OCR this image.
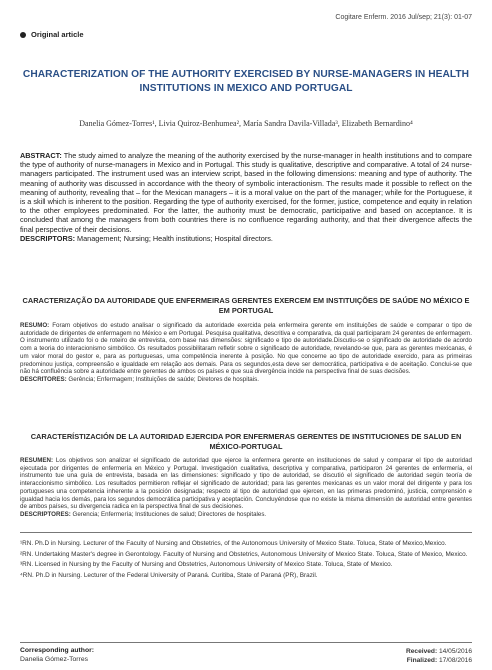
Cogitare Enferm. 2016 Jul/sep; 21(3): 01-07
Original article
CHARACTERIZATION OF THE AUTHORITY EXERCISED BY NURSE-MANAGERS IN HEALTH INSTITUTIONS IN MEXICO AND PORTUGAL
Danelia Gómez-Torres¹, Livia Quiroz-Benhumea², María Sandra Davila-Villada³, Elizabeth Bernardino⁴
ABSTRACT: The study aimed to analyze the meaning of the authority exercised by the nurse-manager in health institutions and to compare the type of authority of nurse-managers in Mexico and in Portugal. This study is qualitative, descriptive and comparative. A total of 24 nurse-managers participated. The instrument used was an interview script, based in the following dimensions: meaning and type of authority. The meaning of authority was discussed in accordance with the theory of symbolic interactionism. The results made it possible to reflect on the meaning of authority, revealing that – for the Mexican managers – it is a moral value on the part of the manager; while for the Portuguese, it is a skill which is inherent to the position. Regarding the type of authority exercised, for the former, justice, competence and equity in relation to the other employees predominated. For the latter, the authority must be democratic, participative and based on acceptance. It is concluded that among the managers from both countries there is no confluence regarding authority, and that their divergence affects the final perspective of their decisions.
DESCRIPTORS: Management; Nursing; Health institutions; Hospital directors.
CARACTERIZAÇÃO DA AUTORIDADE QUE ENFERMEIRAS GERENTES EXERCEM EM INSTITUIÇÕES DE SAÚDE NO MÉXICO E EM PORTUGAL
RESUMO: Foram objetivos do estudo analisar o significado da autoridade exercida pela enfermeira gerente em instituições de saúde e comparar o tipo de autoridade de dirigentes de enfermagem no México e em Portugal. Pesquisa qualitativa, descritiva e comparativa, da qual participaram 24 gerentes de enfermagem. O instrumento utilizado foi o de roteiro de entrevista, com base nas dimensões: significado e tipo de autoridade.Discutiu-se o significado de autoridade de acordo com a teoria do interacionismo simbólico. Os resultados possibilitaram refletir sobre o significado de autoridade, revelando-se que, para as gerentes mexicanas, é um valor moral do gestor e, para as portuguesas, uma competência inerente à posição. No que concerne ao tipo de autoridade exercido, para as primeiras predominou justiça, compreensão e igualdade em relação aos demais. Para os segundos,esta deve ser democrática, participativa e de aceitação. Conclui-se que não há confluência sobre a autoridade entre gerentes de ambos os países e que sua divergência incide na perspectiva final de suas decisões.
DESCRITORES: Gerência; Enfermagem; Instituições de saúde; Diretores de hospitais.
CARACTERÍSTIZACIÓN DE LA AUTORIDAD EJERCIDA POR ENFERMERAS GERENTES DE INSTITUCIONES DE SALUD EN MÉXICO-PORTUGAL
RESUMEN: Los objetivos son analizar el significado de autoridad que ejerce la enfermera gerente en instituciones de salud y comparar el tipo de autoridad ejecutada por dirigentes de enfermería en México y Portugal. Investigación cualitativa, descriptiva y comparativa, participaron 24 gerentes de enfermería, el instrumento tue una guía de entrevista, basada en las dimensiones: significado y tipo de autoridad, se discutió el significado de autoridad según teoría de interaccionismo simbólico. Los resultados permitieron reflejar el significado de autoridad; para las gerentes mexicanas es un valor moral del dirigente y para los portugueses una competencia inherente a la posición designada; respecto al tipo de autoridad que ejercen, en las primeras predominó, justicia, comprensión e igualdad hacia los demás, para los segundos democrática participativa y aceptación. Concluyéndose que no existe la misma dimensión de autoridad entre gerentes de ambos países, su divergencia radica en la perspectiva final de sus decisiones.
DESCRIPTORES: Gerencia; Enfermería; Instituciones de salud; Directores de hospitales.

¹RN. Ph.D in Nursing. Lecturer of the Faculty of Nursing and Obstetrics, of the Autonomous University of Mexico State. Toluca, State of Mexico,Mexico.

²RN. Undertaking Master's degree in Gerontology. Faculty of Nursing and Obstetrics, Autonomous University of Mexico State. Toluca, State of Mexico, Mexico.

³RN. Licensed in Nursing by the Faculty of Nursing and Obstetrics, Autonomous University of Mexico State. Toluca, State of Mexico.

⁴RN. Ph.D in Nursing. Lecturer of the Federal University of Paraná. Curitiba, State of Paraná (PR), Brazil.

Corresponding author:
Danelia Gómez-Torres
Received: 14/05/2016
Finalized: 17/08/2016
